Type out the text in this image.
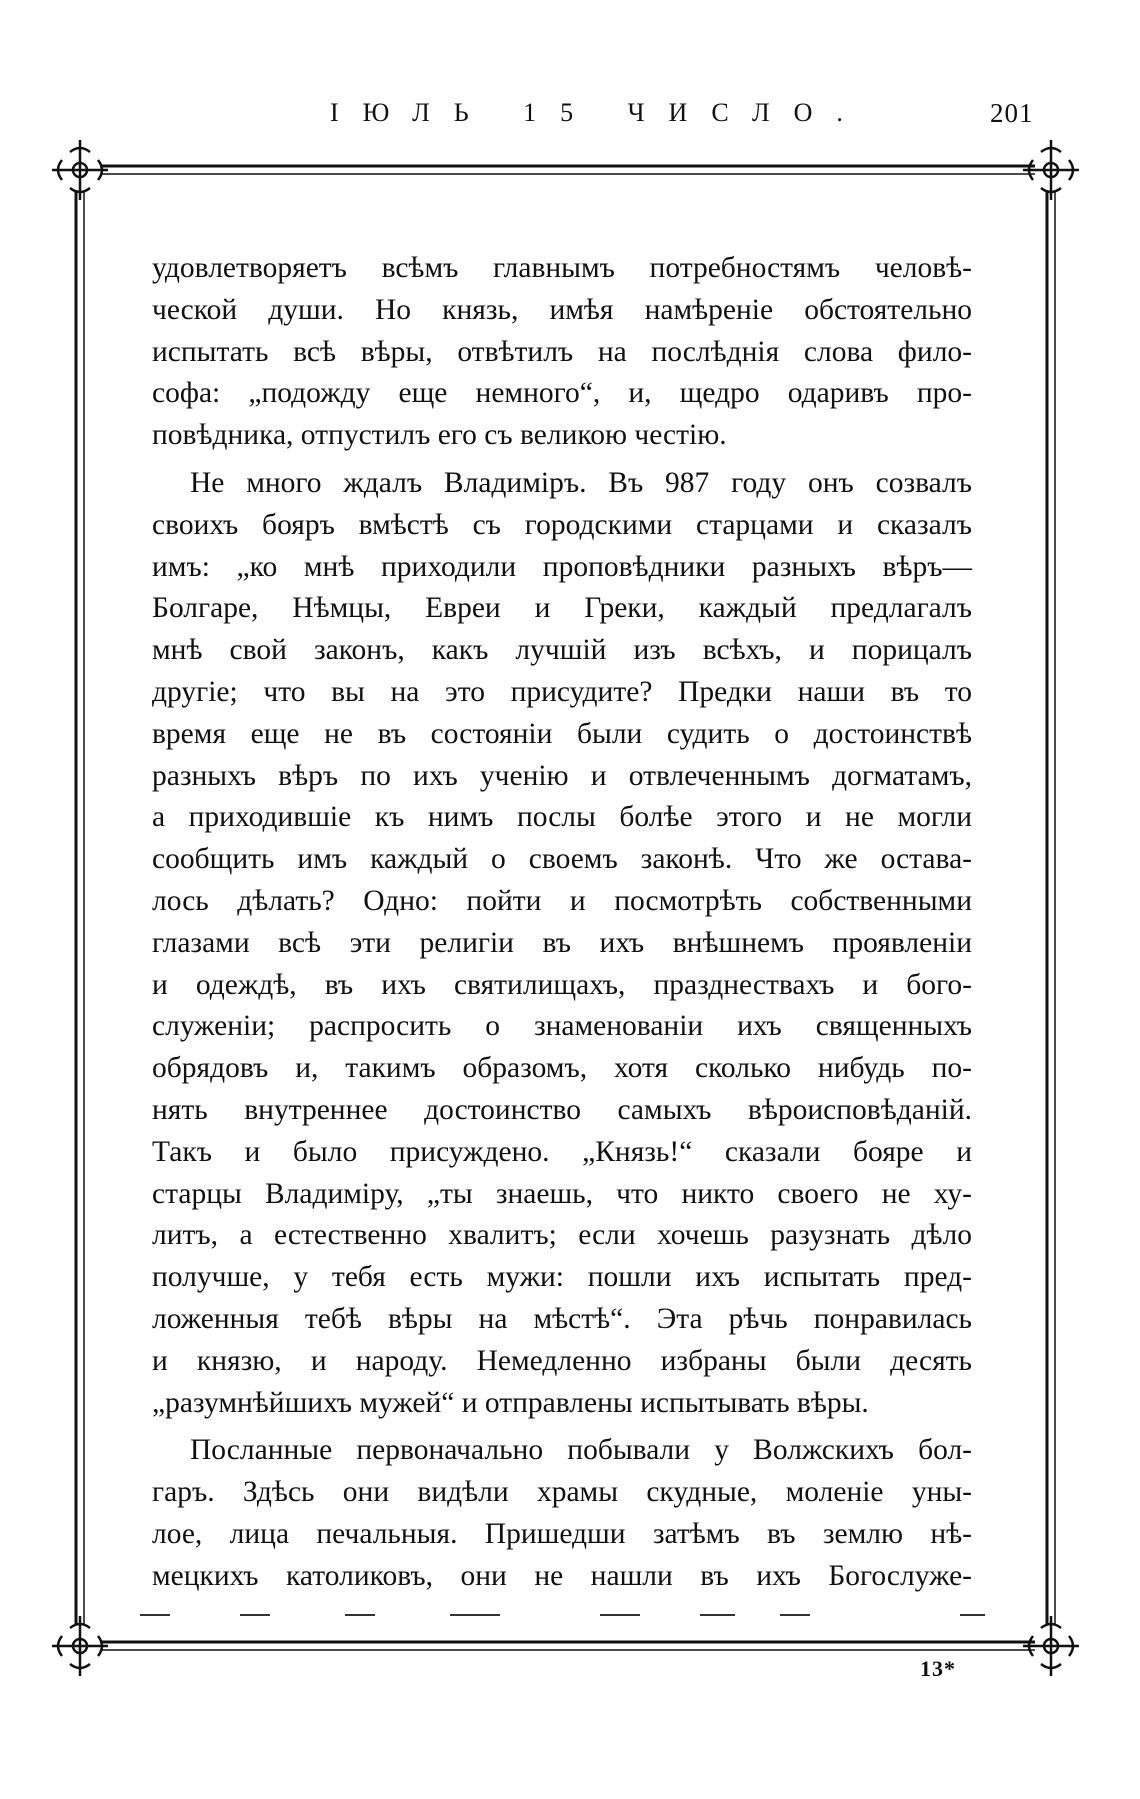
ІЮЛЬ 15 ЧИСЛО.	201

удовлетворяетъ всѣмъ главнымъ потребностямъ человѣ-
ческой души. Но князь, имѣя намѣреніе обстоятельно
испытать всѣ вѣры, отвѣтилъ на послѣднія слова фило-
софа: „подожду еще немного“, и, щедро одаривъ про-
повѣдника, отпустилъ его съ великою честію.

Не много ждалъ Владиміръ. Въ 987 году онъ созвалъ
своихъ бояръ вмѣстѣ съ городскими старцами и сказалъ
имъ: „ко мнѣ приходили проповѣдники разныхъ вѣръ—
Болгаре, Нѣмцы, Евреи и Греки, каждый предлагалъ
мнѣ свой законъ, какъ лучшій изъ всѣхъ, и порицалъ
другіе; что вы на это присудите? Предки наши въ то
время еще не въ состояніи были судить о достоинствѣ
разныхъ вѣръ по ихъ ученію и отвлеченнымъ догматамъ,
а приходившіе къ нимъ послы болѣе этого и не могли
сообщить имъ каждый о своемъ законѣ. Что же остава-
лось дѣлать? Одно: пойти и посмотрѣть собственными
глазами всѣ эти религіи въ ихъ внѣшнемъ проявленіи
и одеждѣ, въ ихъ святилищахъ, празднествахъ и бого-
служеніи; распросить о знаменованіи ихъ священныхъ
обрядовъ и, такимъ образомъ, хотя сколько нибудь по-
нять внутреннее достоинство самыхъ вѣроисповѣданій.
Такъ и было присуждено. „Князь!“ сказали бояре и
старцы Владиміру, „ты знаешь, что никто своего не ху-
литъ, а естественно хвалитъ; если хочешь разузнать дѣло
получше, у тебя есть мужи: пошли ихъ испытать пред-
ложенныя тебѣ вѣры на мѣстѣ“. Эта рѣчь понравилась
и князю, и народу. Немедленно избраны были десять
„разумнѣйшихъ мужей“ и отправлены испытывать вѣры.

Посланные первоначально побывали у Волжскихъ бол-
гаръ. Здѣсь они видѣли храмы скудные, моленіе уны-
лое, лица печальныя. Пришедши затѣмъ въ землю нѣ-
мецкихъ католиковъ, они не нашли въ ихъ Богослуже-

13*
